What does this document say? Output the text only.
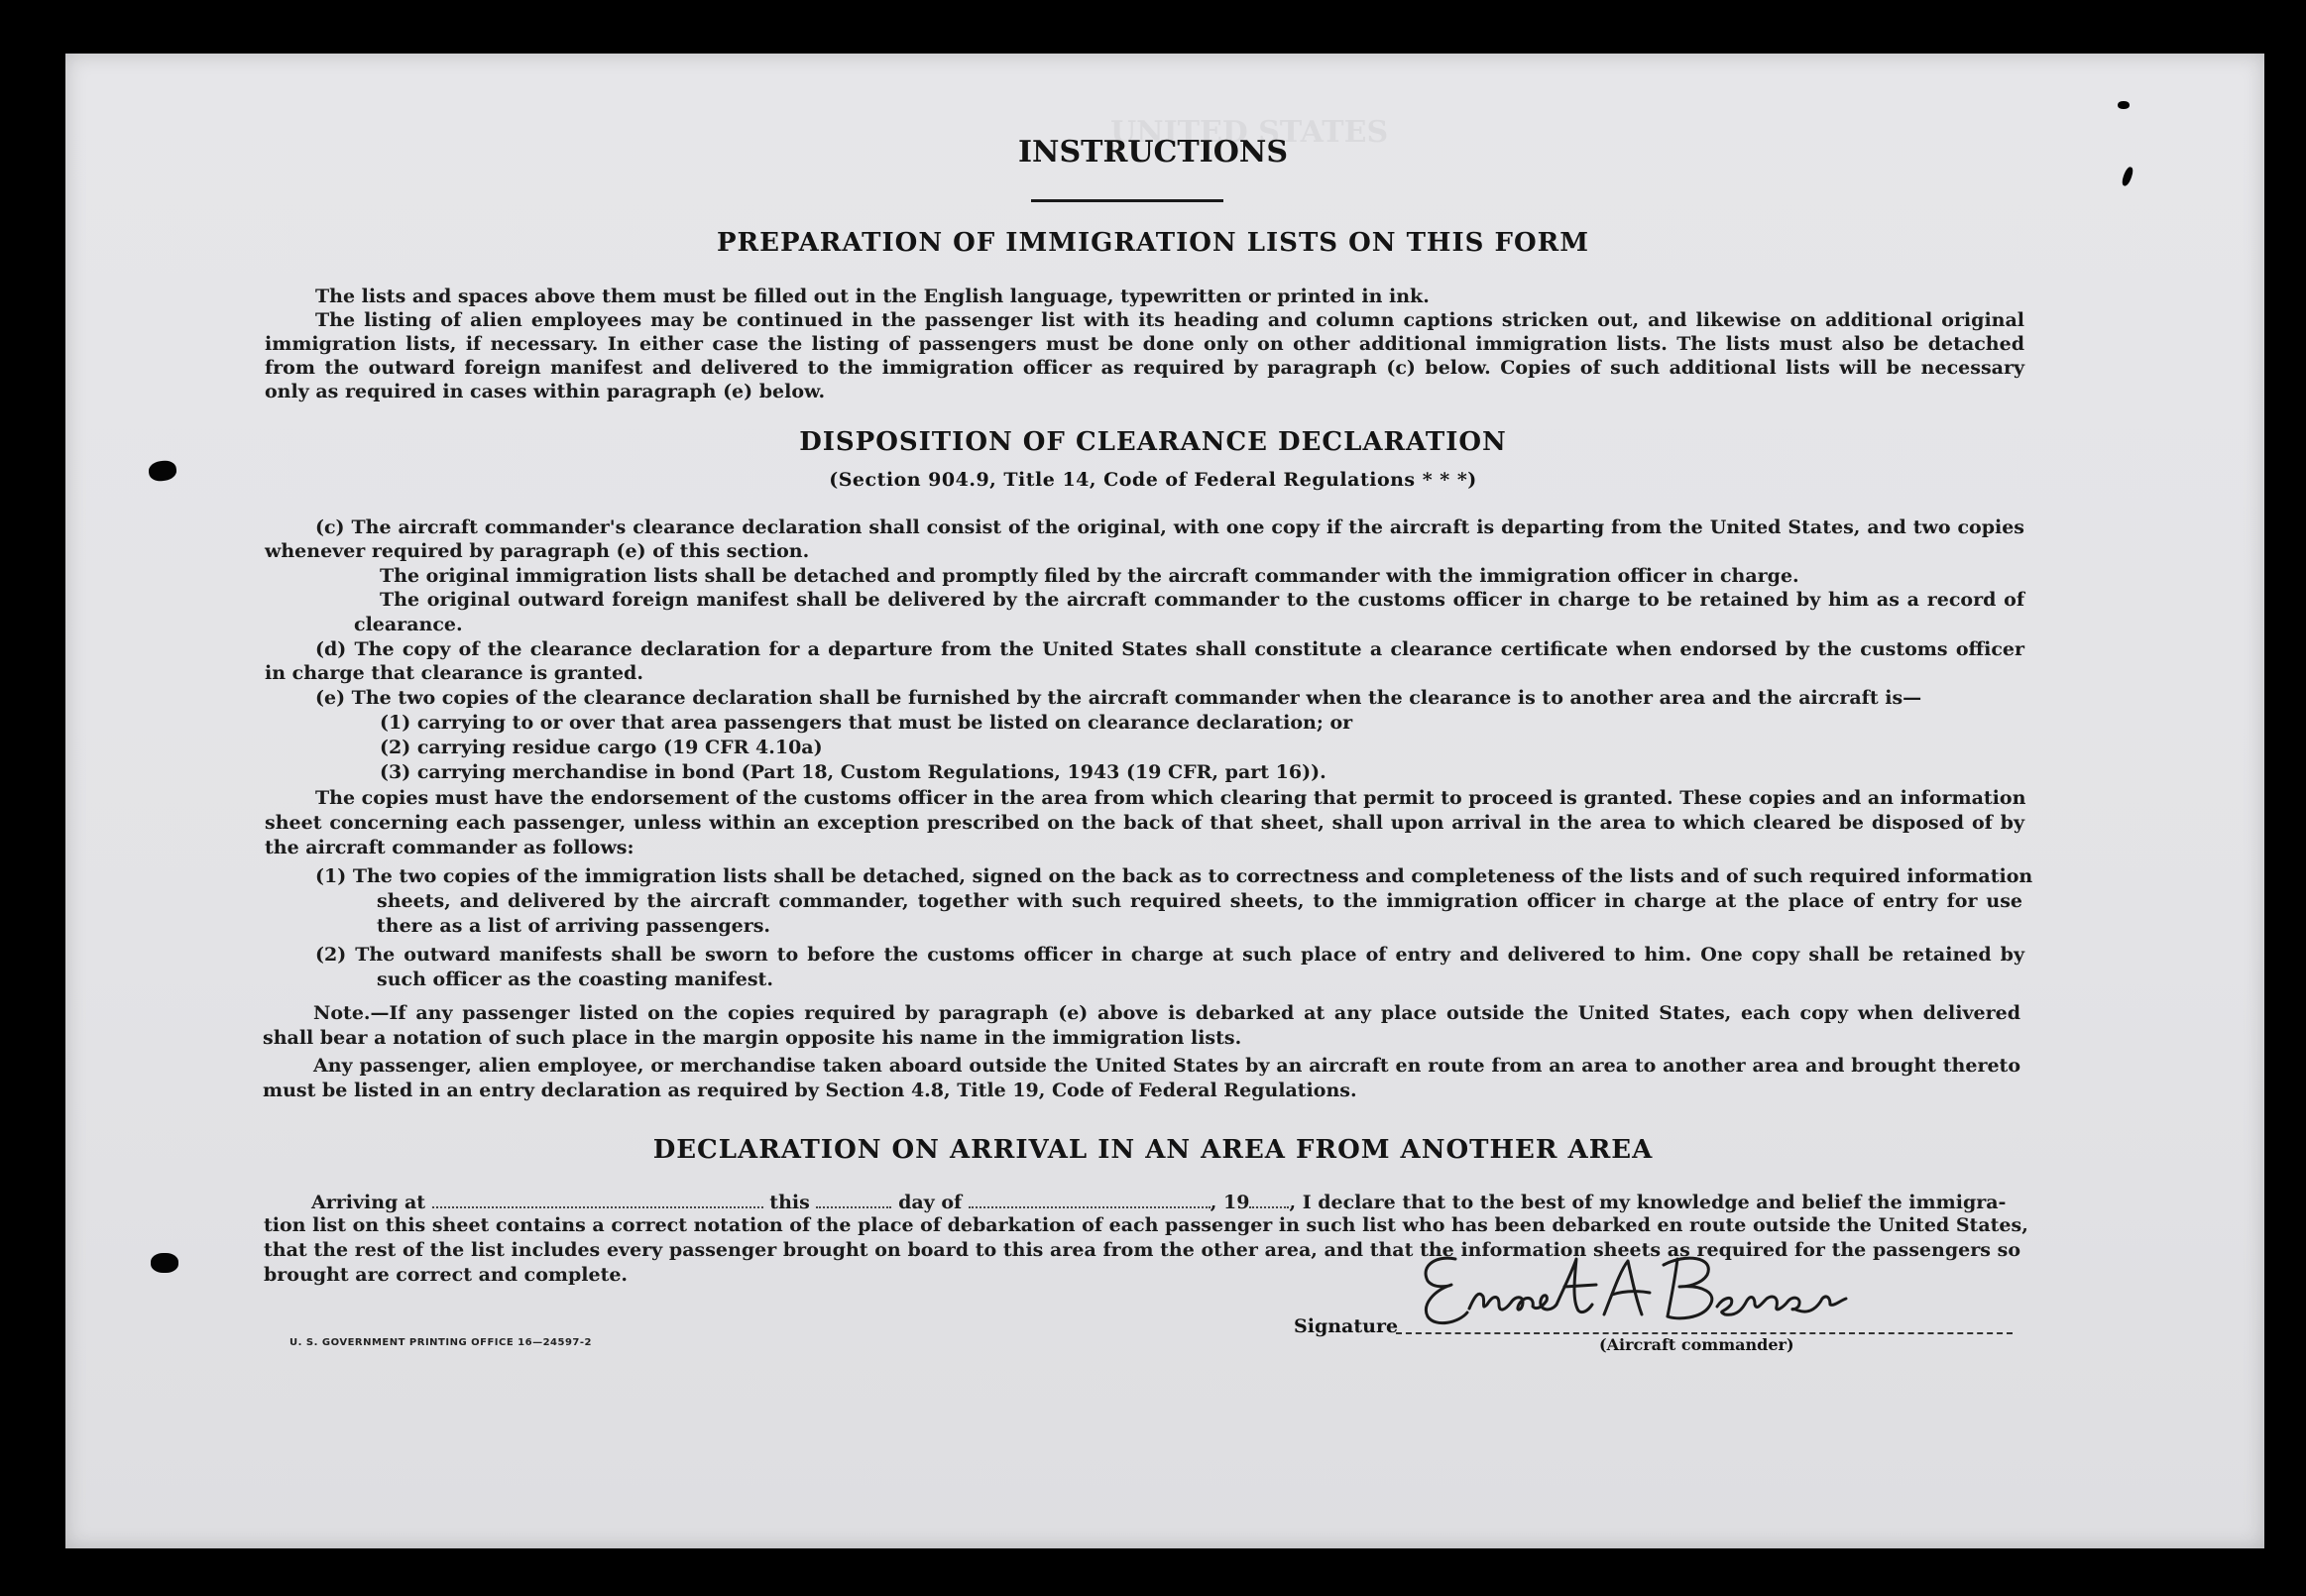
UNITED STATES
INSTRUCTIONS
PREPARATION OF IMMIGRATION LISTS ON THIS FORM
The lists and spaces above them must be filled out in the English language, typewritten or printed in ink.
The listing of alien employees may be continued in the passenger list with its heading and column captions stricken out, and likewise on additional original
immigration lists, if necessary. In either case the listing of passengers must be done only on other additional immigration lists. The lists must also be detached
from the outward foreign manifest and delivered to the immigration officer as required by paragraph (c) below. Copies of such additional lists will be necessary
only as required in cases within paragraph (e) below.
DISPOSITION OF CLEARANCE DECLARATION
(Section 904.9, Title 14, Code of Federal Regulations * * *)
(c) The aircraft commander's clearance declaration shall consist of the original, with one copy if the aircraft is departing from the United States, and two copies
whenever required by paragraph (e) of this section.
The original immigration lists shall be detached and promptly filed by the aircraft commander with the immigration officer in charge.
The original outward foreign manifest shall be delivered by the aircraft commander to the customs officer in charge to be retained by him as a record of
clearance.
(d) The copy of the clearance declaration for a departure from the United States shall constitute a clearance certificate when endorsed by the customs officer
in charge that clearance is granted.
(e) The two copies of the clearance declaration shall be furnished by the aircraft commander when the clearance is to another area and the aircraft is—
(1) carrying to or over that area passengers that must be listed on clearance declaration; or
(2) carrying residue cargo (19 CFR 4.10a)
(3) carrying merchandise in bond (Part 18, Custom Regulations, 1943 (19 CFR, part 16)).
The copies must have the endorsement of the customs officer in the area from which clearing that permit to proceed is granted. These copies and an information
sheet concerning each passenger, unless within an exception prescribed on the back of that sheet, shall upon arrival in the area to which cleared be disposed of by
the aircraft commander as follows:
(1) The two copies of the immigration lists shall be detached, signed on the back as to correctness and completeness of the lists and of such required information
sheets, and delivered by the aircraft commander, together with such required sheets, to the immigration officer in charge at the place of entry for use
there as a list of arriving passengers.
(2) The outward manifests shall be sworn to before the customs officer in charge at such place of entry and delivered to him. One copy shall be retained by
such officer as the coasting manifest.
Note.—If any passenger listed on the copies required by paragraph (e) above is debarked at any place outside the United States, each copy when delivered
shall bear a notation of such place in the margin opposite his name in the immigration lists.
Any passenger, alien employee, or merchandise taken aboard outside the United States by an aircraft en route from an area to another area and brought thereto
must be listed in an entry declaration as required by Section 4.8, Title 19, Code of Federal Regulations.
DECLARATION ON ARRIVAL IN AN AREA FROM ANOTHER AREA
Arriving at	this	day of	, 19 , I declare that to the best of my knowledge and belief the immigra-
tion list on this sheet contains a correct notation of the place of debarkation of each passenger in such list who has been debarked en route outside the United States,
that the rest of the list includes every passenger brought on board to this area from the other area, and that the information sheets as required for the passengers so
brought are correct and complete.
U. S. GOVERNMENT PRINTING OFFICE 16—24597-2
Signature
(Aircraft commander)
